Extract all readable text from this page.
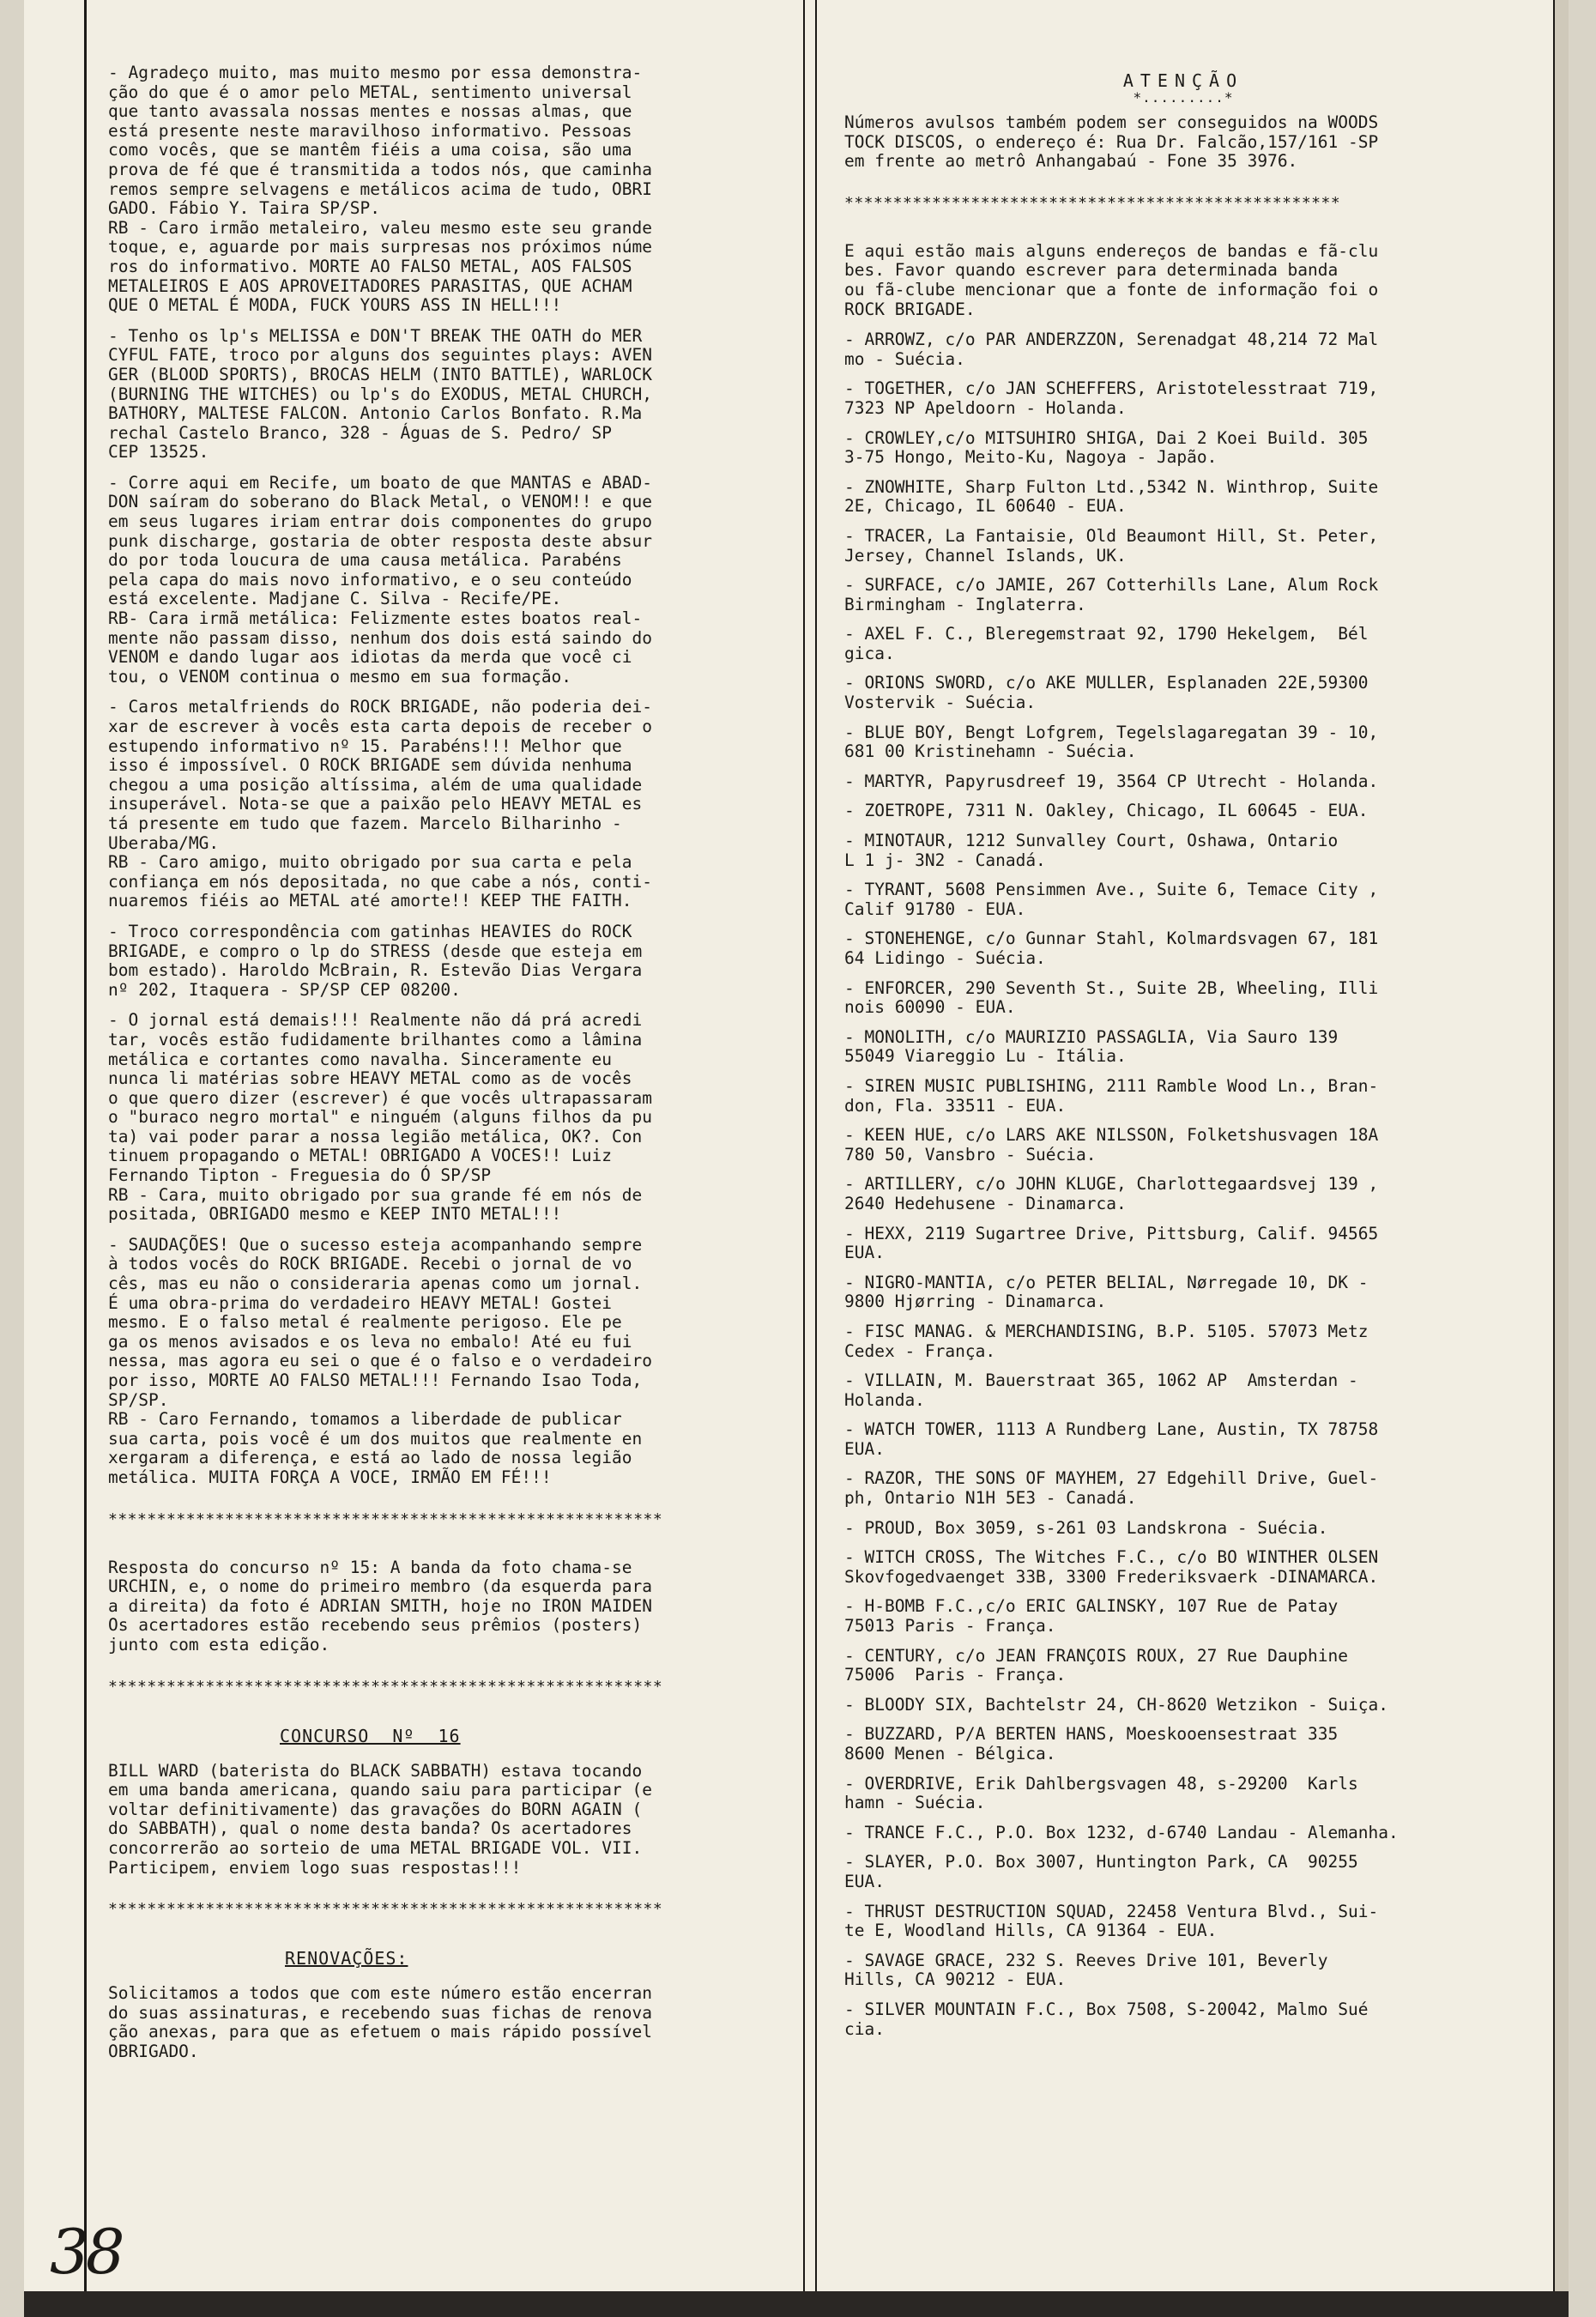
- Agradeço muito, mas muito mesmo por essa demonstra-
ção do que é o amor pelo METAL, sentimento universal
que tanto avassala nossas mentes e nossas almas, que
está presente neste maravilhoso informativo. Pessoas
como vocês, que se mantêm fiéis a uma coisa, são uma
prova de fé que é transmitida a todos nós, que caminha
remos sempre selvagens e metálicos acima de tudo, OBRI
GADO. Fábio Y. Taira SP/SP.
RB - Caro irmão metaleiro, valeu mesmo este seu grande
toque, e, aguarde por mais surpresas nos próximos núme
ros do informativo. MORTE AO FALSO METAL, AOS FALSOS
METALEIROS E AOS APROVEITADORES PARASITAS, QUE ACHAM
QUE O METAL É MODA, FUCK YOURS ASS IN HELL!!!
- Tenho os lp's MELISSA e DON'T BREAK THE OATH do MER
CYFUL FATE, troco por alguns dos seguintes plays: AVEN
GER (BLOOD SPORTS), BROCAS HELM (INTO BATTLE), WARLOCK
(BURNING THE WITCHES) ou lp's do EXODUS, METAL CHURCH,
BATHORY, MALTESE FALCON. Antonio Carlos Bonfato. R.Ma
rechal Castelo Branco, 328 - Águas de S. Pedro/ SP
CEP 13525.
- Corre aqui em Recife, um boato de que MANTAS e ABAD-
DON saíram do soberano do Black Metal, o VENOM!! e que
em seus lugares iriam entrar dois componentes do grupo
punk discharge, gostaria de obter resposta deste absur
do por toda loucura de uma causa metálica. Parabéns
pela capa do mais novo informativo, e o seu conteúdo
está excelente. Madjane C. Silva - Recife/PE.
RB- Cara irmã metálica: Felizmente estes boatos real-
mente não passam disso, nenhum dos dois está saindo do
VENOM e dando lugar aos idiotas da merda que você ci
tou, o VENOM continua o mesmo em sua formação.
- Caros metalfriends do ROCK BRIGADE, não poderia dei-
xar de escrever à vocês esta carta depois de receber o
estupendo informativo nº 15. Parabéns!!! Melhor que
isso é impossível. O ROCK BRIGADE sem dúvida nenhuma
chegou a uma posição altíssima, além de uma qualidade
insuperável. Nota-se que a paixão pelo HEAVY METAL es
tá presente em tudo que fazem. Marcelo Bilharinho -
Uberaba/MG.
RB - Caro amigo, muito obrigado por sua carta e pela
confiança em nós depositada, no que cabe a nós, conti-
nuaremos fiéis ao METAL até amorte!! KEEP THE FAITH.
- Troco correspondência com gatinhas HEAVIES do ROCK
BRIGADE, e compro o lp do STRESS (desde que esteja em
bom estado). Haroldo McBrain, R. Estevão Dias Vergara
nº 202, Itaquera - SP/SP CEP 08200.
- O jornal está demais!!! Realmente não dá prá acredi
tar, vocês estão fudidamente brilhantes como a lâmina
metálica e cortantes como navalha. Sinceramente eu
nunca li matérias sobre HEAVY METAL como as de vocês
o que quero dizer (escrever) é que vocês ultrapassaram
o "buraco negro mortal" e ninguém (alguns filhos da pu
ta) vai poder parar a nossa legião metálica, OK?. Con
tinuem propagando o METAL! OBRIGADO A VOCES!! Luiz
Fernando Tipton - Freguesia do Ó SP/SP
RB - Cara, muito obrigado por sua grande fé em nós de
positada, OBRIGADO mesmo e KEEP INTO METAL!!!
- SAUDAÇÕES! Que o sucesso esteja acompanhando sempre
à todos vocês do ROCK BRIGADE. Recebi o jornal de vo
cês, mas eu não o consideraria apenas como um jornal.
É uma obra-prima do verdadeiro HEAVY METAL! Gostei
mesmo. E o falso metal é realmente perigoso. Ele pe
ga os menos avisados e os leva no embalo! Até eu fui
nessa, mas agora eu sei o que é o falso e o verdadeiro
por isso, MORTE AO FALSO METAL!!! Fernando Isao Toda,
SP/SP.
RB - Caro Fernando, tomamos a liberdade de publicar
sua carta, pois você é um dos muitos que realmente en
xergaram a diferença, e está ao lado de nossa legião
metálica. MUITA FORÇA A VOCE, IRMÃO EM FÉ!!!
*********************************************************
Resposta do concurso nº 15: A banda da foto chama-se
URCHIN, e, o nome do primeiro membro (da esquerda para
a direita) da foto é ADRIAN SMITH, hoje no IRON MAIDEN
Os acertadores estão recebendo seus prêmios (posters)
junto com esta edição.
*********************************************************
CONCURSO Nº 16
BILL WARD (baterista do BLACK SABBATH) estava tocando
em uma banda americana, quando saiu para participar (e
voltar definitivamente) das gravações do BORN AGAIN (
do SABBATH), qual o nome desta banda? Os acertadores
concorrerão ao sorteio de uma METAL BRIGADE VOL. VII.
Participem, enviem logo suas respostas!!!
*********************************************************
RENOVAÇÕES:
Solicitamos a todos que com este número estão encerran
do suas assinaturas, e recebendo suas fichas de renova
ção anexas, para que as efetuem o mais rápido possível
OBRIGADO.
ATENÇÃO
*.........*
Números avulsos também podem ser conseguidos na WOODS
TOCK DISCOS, o endereço é: Rua Dr. Falcão,157/161 -SP
em frente ao metrô Anhangabaú - Fone 35 3976.
***************************************************
E aqui estão mais alguns endereços de bandas e fã-clu
bes. Favor quando escrever para determinada banda
ou fã-clube mencionar que a fonte de informação foi o
ROCK BRIGADE.
- ARROWZ, c/o PAR ANDERZZON, Serenadgat 48,214 72 Mal
mo - Suécia.
- TOGETHER, c/o JAN SCHEFFERS, Aristotelesstraat 719,
7323 NP Apeldoorn - Holanda.
- CROWLEY,c/o MITSUHIRO SHIGA, Dai 2 Koei Build. 305
3-75 Hongo, Meito-Ku, Nagoya - Japão.
- ZNOWHITE, Sharp Fulton Ltd.,5342 N. Winthrop, Suite
2E, Chicago, IL 60640 - EUA.
- TRACER, La Fantaisie, Old Beaumont Hill, St. Peter,
Jersey, Channel Islands, UK.
- SURFACE, c/o JAMIE, 267 Cotterhills Lane, Alum Rock
Birmingham - Inglaterra.
- AXEL F. C., Bleregemstraat 92, 1790 Hekelgem,  Bél
gica.
- ORIONS SWORD, c/o AKE MULLER, Esplanaden 22E,59300
Vostervik - Suécia.
- BLUE BOY, Bengt Lofgrem, Tegelslagaregatan 39 - 10,
681 00 Kristinehamn - Suécia.
- MARTYR, Papyrusdreef 19, 3564 CP Utrecht - Holanda.
- ZOETROPE, 7311 N. Oakley, Chicago, IL 60645 - EUA.
- MINOTAUR, 1212 Sunvalley Court, Oshawa, Ontario
L 1 j- 3N2 - Canadá.
- TYRANT, 5608 Pensimmen Ave., Suite 6, Temace City ,
Calif 91780 - EUA.
- STONEHENGE, c/o Gunnar Stahl, Kolmardsvagen 67, 181
64 Lidingo - Suécia.
- ENFORCER, 290 Seventh St., Suite 2B, Wheeling, Illi
nois 60090 - EUA.
- MONOLITH, c/o MAURIZIO PASSAGLIA, Via Sauro 139
55049 Viareggio Lu - Itália.
- SIREN MUSIC PUBLISHING, 2111 Ramble Wood Ln., Bran-
don, Fla. 33511 - EUA.
- KEEN HUE, c/o LARS AKE NILSSON, Folketshusvagen 18A
780 50, Vansbro - Suécia.
- ARTILLERY, c/o JOHN KLUGE, Charlottegaardsvej 139 ,
2640 Hedehusene - Dinamarca.
- HEXX, 2119 Sugartree Drive, Pittsburg, Calif. 94565
EUA.
- NIGRO-MANTIA, c/o PETER BELIAL, Nørregade 10, DK -
9800 Hjørring - Dinamarca.
- FISC MANAG. & MERCHANDISING, B.P. 5105. 57073 Metz
Cedex - França.
- VILLAIN, M. Bauerstraat 365, 1062 AP  Amsterdan -
Holanda.
- WATCH TOWER, 1113 A Rundberg Lane, Austin, TX 78758
EUA.
- RAZOR, THE SONS OF MAYHEM, 27 Edgehill Drive, Guel-
ph, Ontario N1H 5E3 - Canadá.
- PROUD, Box 3059, s-261 03 Landskrona - Suécia.
- WITCH CROSS, The Witches F.C., c/o BO WINTHER OLSEN
Skovfogedvaenget 33B, 3300 Frederiksvaerk -DINAMARCA.
- H-BOMB F.C.,c/o ERIC GALINSKY, 107 Rue de Patay
75013 Paris - França.
- CENTURY, c/o JEAN FRANÇOIS ROUX, 27 Rue Dauphine
75006  Paris - França.
- BLOODY SIX, Bachtelstr 24, CH-8620 Wetzikon - Suiça.
- BUZZARD, P/A BERTEN HANS, Moeskooensestraat 335
8600 Menen - Bélgica.
- OVERDRIVE, Erik Dahlbergsvagen 48, s-29200  Karls
hamn - Suécia.
- TRANCE F.C., P.O. Box 1232, d-6740 Landau - Alemanha.
- SLAYER, P.O. Box 3007, Huntington Park, CA  90255
EUA.
- THRUST DESTRUCTION SQUAD, 22458 Ventura Blvd., Sui-
te E, Woodland Hills, CA 91364 - EUA.
- SAVAGE GRACE, 232 S. Reeves Drive 101, Beverly
Hills, CA 90212 - EUA.
- SILVER MOUNTAIN F.C., Box 7508, S-20042, Malmo Sué
cia.
38
